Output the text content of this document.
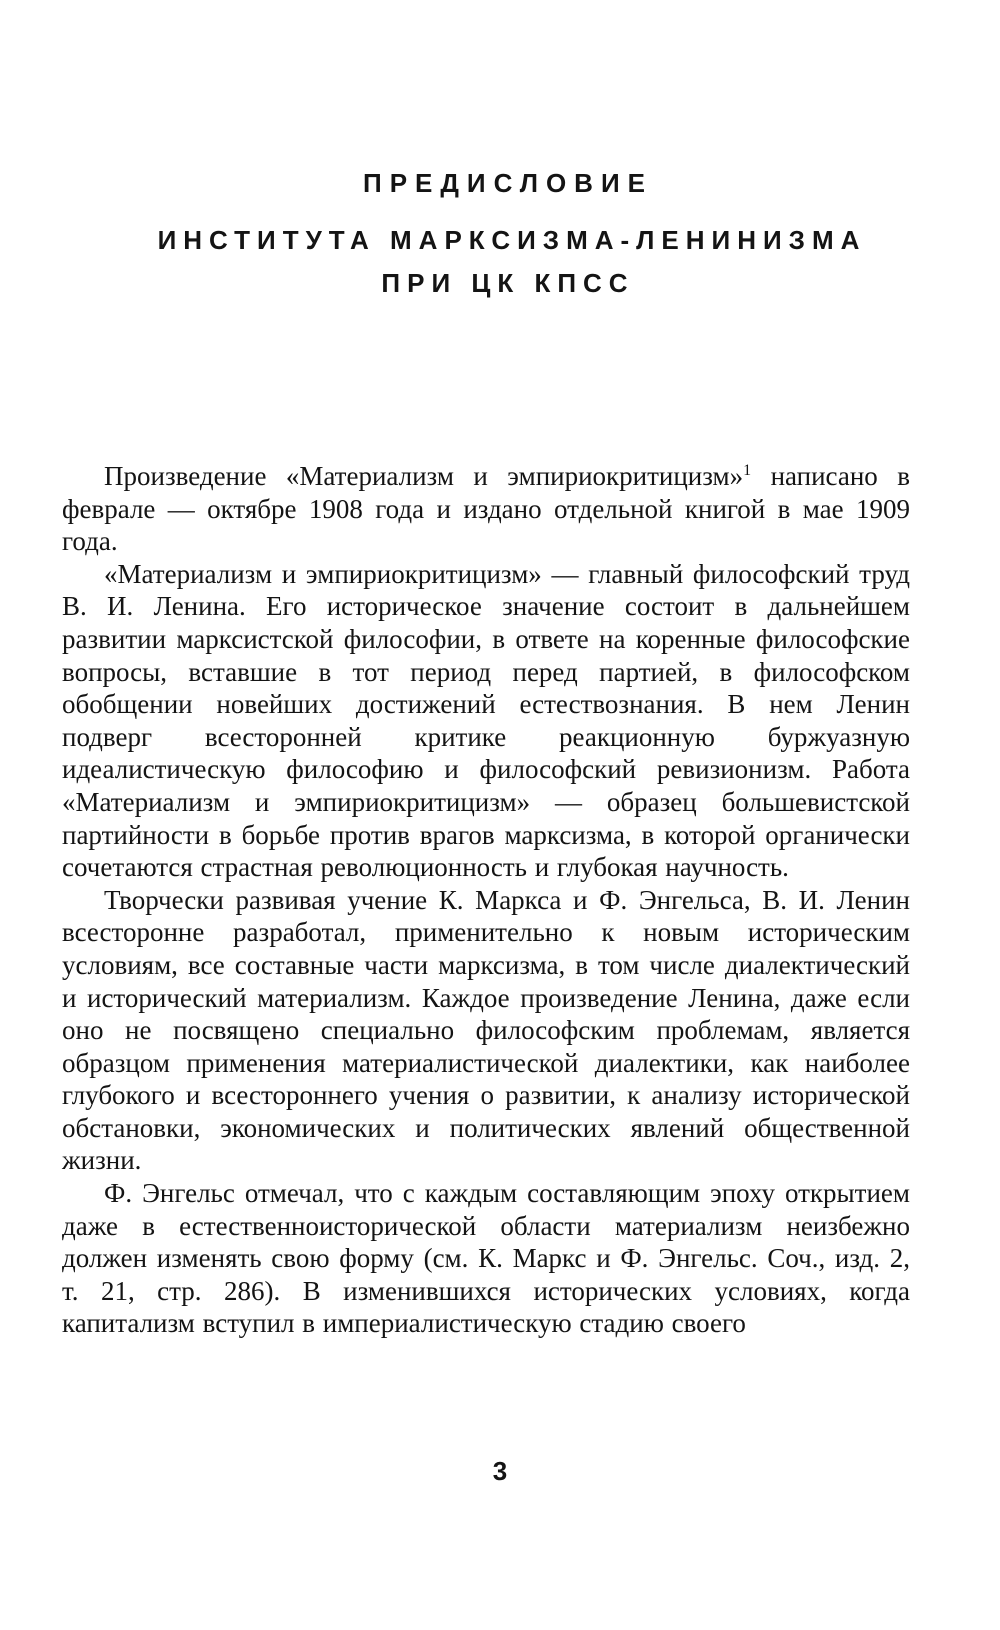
ПРЕДИСЛОВИЕ
ИНСТИТУТА МАРКСИЗМА-ЛЕНИНИЗМА
ПРИ ЦК КПСС

Произведение «Материализм и эмпириокритицизм»$^1$ написано в феврале — октябре 1908 года и издано отдельной книгой в мае 1909 года.

«Материализм и эмпириокритицизм» — главный философский труд В. И. Ленина. Его историческое значение состоит в дальнейшем развитии марксистской философии, в ответе на коренные философские вопросы, вставшие в тот период перед партией, в философском обобщении новейших достижений естествознания. В нем Ленин подверг всесторонней критике реакционную буржуазную идеалистическую философию и философский ревизионизм. Работа «Материализм и эмпириокритицизм» — образец большевистской партийности в борьбе против врагов марксизма, в которой органически сочетаются страстная революционность и глубокая научность.

Творчески развивая учение К. Маркса и Ф. Энгельса, В. И. Ленин всесторонне разработал, применительно к новым историческим условиям, все составные части марксизма, в том числе диалектический и исторический материализм. Каждое произведение Ленина, даже если оно не посвящено специально философским проблемам, является образцом применения материалистической диалектики, как наиболее глубокого и всестороннего учения о развитии, к анализу исторической обстановки, экономических и политических явлений общественной жизни.

Ф. Энгельс отмечал, что с каждым составляющим эпоху открытием даже в естественноисторической области материализм неизбежно должен изменять свою форму (см. К. Маркс и Ф. Энгельс. Соч., изд. 2, т. 21, стр. 286). В изменившихся исторических условиях, когда капитализм вступил в империалистическую стадию своего

3
